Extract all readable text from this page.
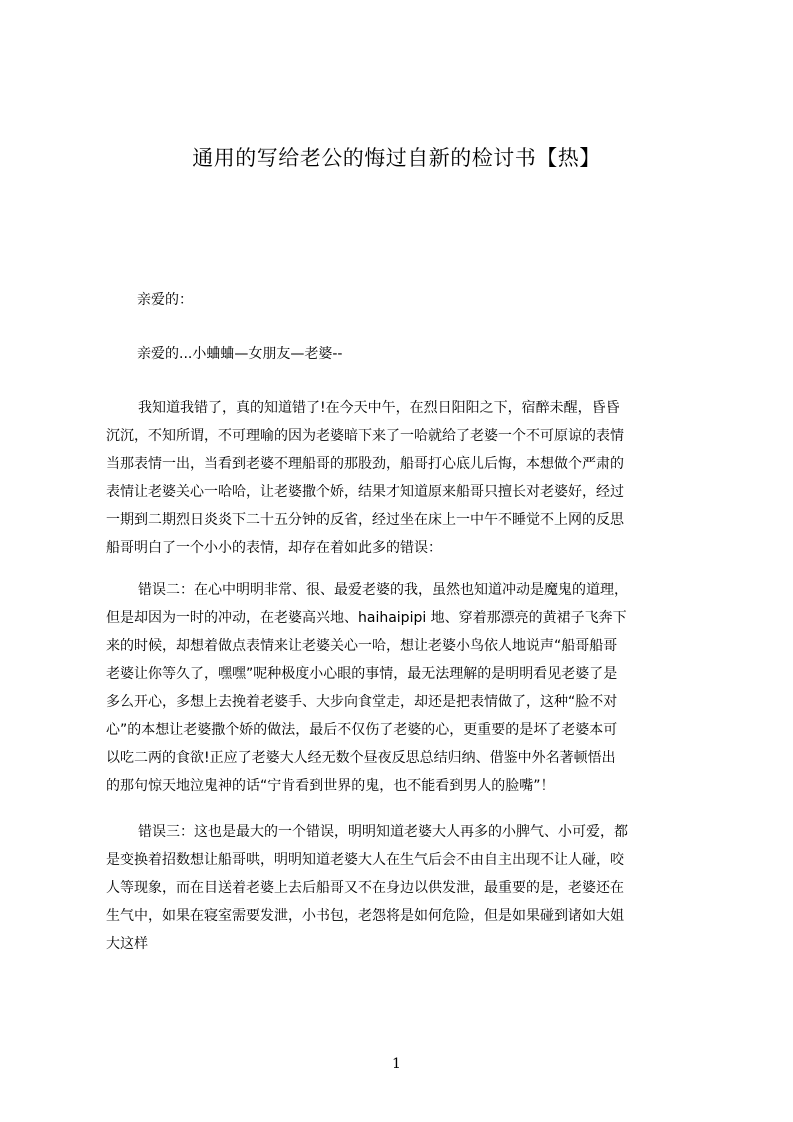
通用的写给老公的悔过自新的检讨书【热】

亲爱的：

亲爱的...小蛐蛐—女朋友—老婆--

我知道我错了，真的知道错了!在今天中午，在烈日阳阳之下，宿醉未醒，昏昏
沉沉，不知所谓，不可理喻的因为老婆暗下来了一哈就给了老婆一个不可原谅的表情
当那表情一出，当看到老婆不理船哥的那股劲，船哥打心底儿后悔，本想做个严肃的
表情让老婆关心一哈哈，让老婆撒个娇，结果才知道原来船哥只擅长对老婆好，经过
一期到二期烈日炎炎下二十五分钟的反省，经过坐在床上一中午不睡觉不上网的反思
船哥明白了一个小小的表情，却存在着如此多的错误：
错误二：在心中明明非常、很、最爱老婆的我，虽然也知道冲动是魔鬼的道理，
但是却因为一时的冲动，在老婆高兴地、haihaipipi 地、穿着那漂亮的黄裙子飞奔下
来的时候，却想着做点表情来让老婆关心一哈，想让老婆小鸟依人地说声“船哥船哥
老婆让你等久了，嘿嘿”呢种极度小心眼的事情，最无法理解的是明明看见老婆了是
多么开心，多想上去挽着老婆手、大步向食堂走，却还是把表情做了，这种“脸不对
心”的本想让老婆撒个娇的做法，最后不仅伤了老婆的心，更重要的是坏了老婆本可
以吃二两的食欲!正应了老婆大人经无数个昼夜反思总结归纳、借鉴中外名著顿悟出
的那句惊天地泣鬼神的话“宁肯看到世界的鬼，也不能看到男人的脸嘴”！
错误三：这也是最大的一个错误，明明知道老婆大人再多的小脾气、小可爱，都
是变换着招数想让船哥哄，明明知道老婆大人在生气后会不由自主出现不让人碰，咬
人等现象，而在目送着老婆上去后船哥又不在身边以供发泄，最重要的是，老婆还在
生气中，如果在寝室需要发泄，小书包，老怨将是如何危险，但是如果碰到诸如大姐
大这样
1
